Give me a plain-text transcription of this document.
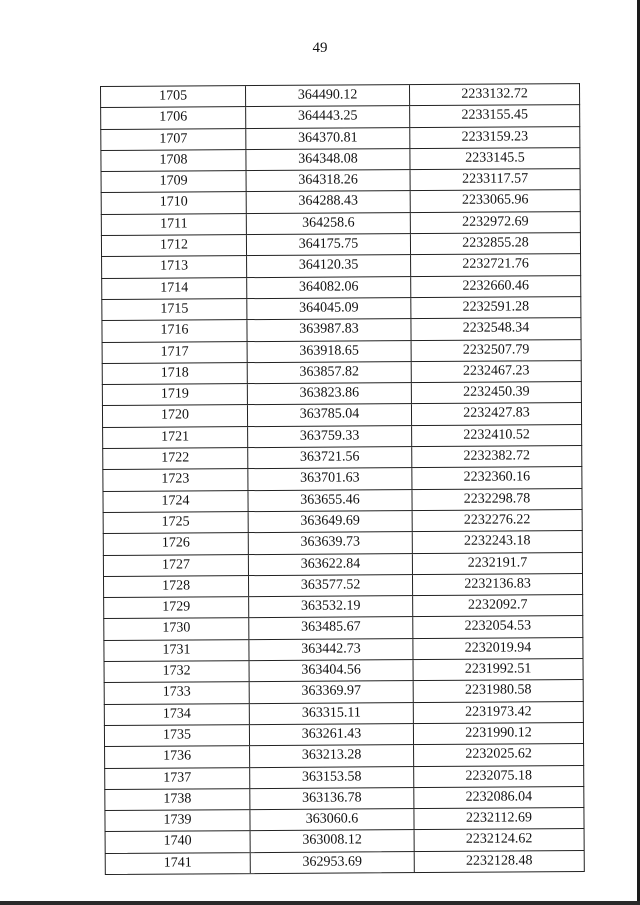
49
1705	364490.12	2233132.72
1706	364443.25	2233155.45
1707	364370.81	2233159.23
1708	364348.08	2233145.5
1709	364318.26	2233117.57
1710	364288.43	2233065.96
1711	364258.6	2232972.69
1712	364175.75	2232855.28
1713	364120.35	2232721.76
1714	364082.06	2232660.46
1715	364045.09	2232591.28
1716	363987.83	2232548.34
1717	363918.65	2232507.79
1718	363857.82	2232467.23
1719	363823.86	2232450.39
1720	363785.04	2232427.83
1721	363759.33	2232410.52
1722	363721.56	2232382.72
1723	363701.63	2232360.16
1724	363655.46	2232298.78
1725	363649.69	2232276.22
1726	363639.73	2232243.18
1727	363622.84	2232191.7
1728	363577.52	2232136.83
1729	363532.19	2232092.7
1730	363485.67	2232054.53
1731	363442.73	2232019.94
1732	363404.56	2231992.51
1733	363369.97	2231980.58
1734	363315.11	2231973.42
1735	363261.43	2231990.12
1736	363213.28	2232025.62
1737	363153.58	2232075.18
1738	363136.78	2232086.04
1739	363060.6	2232112.69
1740	363008.12	2232124.62
1741	362953.69	2232128.48
